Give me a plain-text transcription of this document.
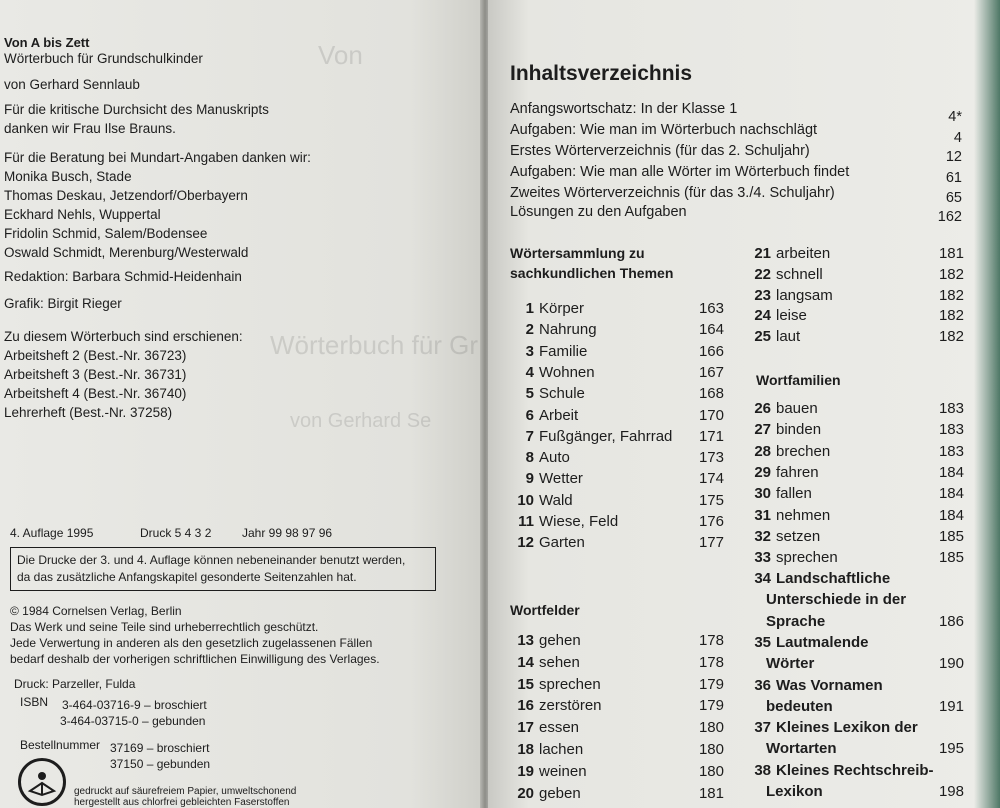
Von
Wörterbuch für Gr
von Gerhard Se
Von A bis Zett
Wörterbuch für Grundschulkinder
von Gerhard Sennlaub
Für die kritische Durchsicht des Manuskripts
danken wir Frau Ilse Brauns.
Für die Beratung bei Mundart-Angaben danken wir:
Monika Busch, Stade
Thomas Deskau, Jetzendorf/Oberbayern
Eckhard Nehls, Wuppertal
Fridolin Schmid, Salem/Bodensee
Oswald Schmidt, Merenburg/Westerwald
Redaktion: Barbara Schmid-Heidenhain
Grafik: Birgit Rieger
Zu diesem Wörterbuch sind erschienen:
Arbeitsheft 2 (Best.-Nr. 36723)
Arbeitsheft 3 (Best.-Nr. 36731)
Arbeitsheft 4 (Best.-Nr. 36740)
Lehrerheft (Best.-Nr. 37258)
4. Auflage 1995	Druck 5 4 3 2	Jahr 99 98 97 96
Die Drucke der 3. und 4. Auflage können nebeneinander benutzt werden,
da das zusätzliche Anfangskapitel gesonderte Seitenzahlen hat.
© 1984 Cornelsen Verlag, Berlin
Das Werk und seine Teile sind urheberrechtlich geschützt.
Jede Verwertung in anderen als den gesetzlich zugelassenen Fällen
bedarf deshalb der vorherigen schriftlichen Einwilligung des Verlages.
Druck: Parzeller, Fulda
ISBN 3-464-03716-9 – broschiert
3-464-03715-0 – gebunden
Bestellnummer 37169 – broschiert
37150 – gebunden
gedruckt auf säurefreiem Papier, umweltschonend
hergestellt aus chlorfrei gebleichten Faserstoffen
Inhaltsverzeichnis
Anfangswortschatz: In der Klasse 1	4*
Aufgaben: Wie man im Wörterbuch nachschlägt	4
Erstes Wörterverzeichnis (für das 2. Schuljahr)	12
Aufgaben: Wie man alle Wörter im Wörterbuch findet	61
Zweites Wörterverzeichnis (für das 3./4. Schuljahr)	65
Lösungen zu den Aufgaben	162
Wörtersammlung zu
sachkundlichen Themen
Wortfelder
Wortfamilien
1 Körper	163
2 Nahrung	164
3 Familie	166
4 Wohnen	167
5 Schule	168
6 Arbeit	170
7 Fußgänger, Fahrrad 171
8 Auto	173
9 Wetter	174
10 Wald	175
11 Wiese, Feld	176
12 Garten	177
13 gehen	178
14 sehen	178
15 sprechen	179
16 zerstören	179
17 essen	180
18 lachen	180
19 weinen	180
20 geben	181
21 arbeiten	181
22 schnell	182
23 langsam	182
24 leise	182
25 laut	182
26 bauen	183
27 binden	183
28 brechen	183
29 fahren	184
30 fallen	184
31 nehmen	184
32 setzen	185
33 sprechen	185
34 Landschaftliche
Unterschiede in der
Sprache	186
35 Lautmalende
Wörter	190
36 Was Vornamen
bedeuten	191
37 Kleines Lexikon der
Wortarten	195
38 Kleines Rechtschreib-
Lexikon	198
